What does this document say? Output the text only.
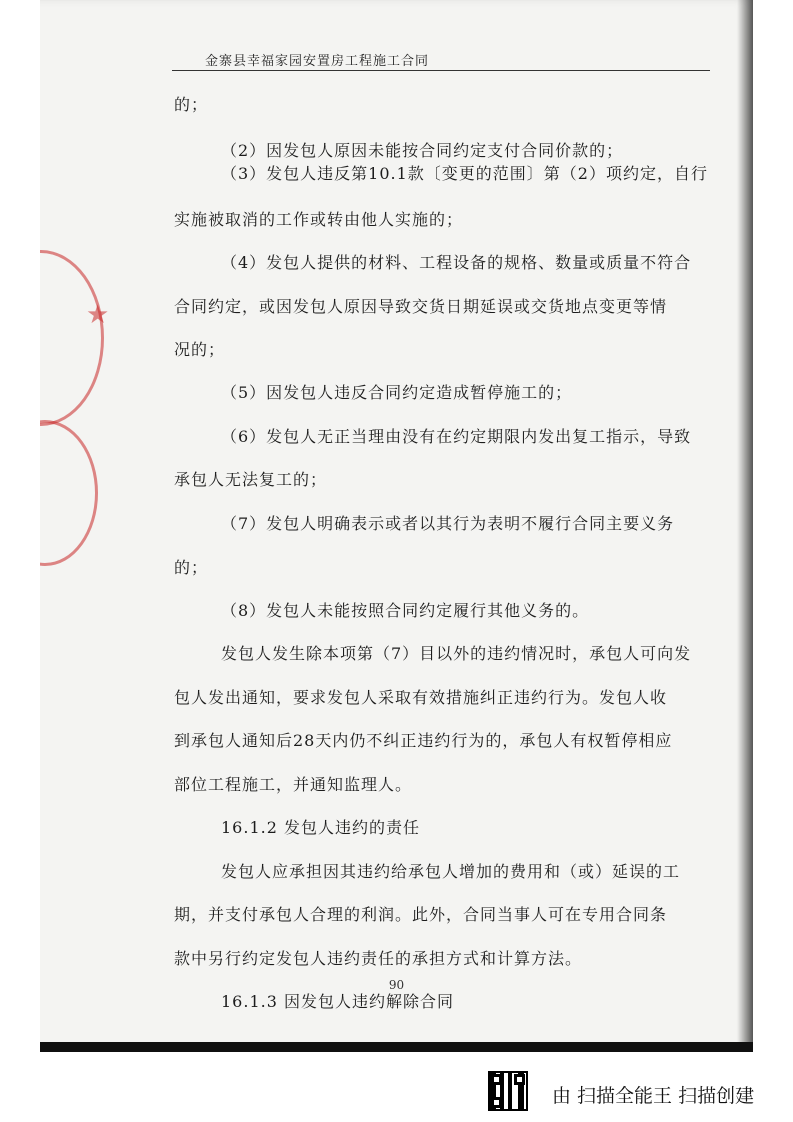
金寨县幸福家园安置房工程施工合同
★
的；
（2）因发包人原因未能按合同约定支付合同价款的；
（3）发包人违反第10.1款〔变更的范围〕第（2）项约定，自行
实施被取消的工作或转由他人实施的；
（4）发包人提供的材料、工程设备的规格、数量或质量不符合
合同约定，或因发包人原因导致交货日期延误或交货地点变更等情
况的；
（5）因发包人违反合同约定造成暂停施工的；
（6）发包人无正当理由没有在约定期限内发出复工指示，导致
承包人无法复工的；
（7）发包人明确表示或者以其行为表明不履行合同主要义务
的；
（8）发包人未能按照合同约定履行其他义务的。
发包人发生除本项第（7）目以外的违约情况时，承包人可向发
包人发出通知，要求发包人采取有效措施纠正违约行为。发包人收
到承包人通知后28天内仍不纠正违约行为的，承包人有权暂停相应
部位工程施工，并通知监理人。
16.1.2 发包人违约的责任
发包人应承担因其违约给承包人增加的费用和（或）延误的工
期，并支付承包人合理的利润。此外，合同当事人可在专用合同条
款中另行约定发包人违约责任的承担方式和计算方法。
16.1.3 因发包人违约解除合同
90
由 扫描全能王 扫描创建
